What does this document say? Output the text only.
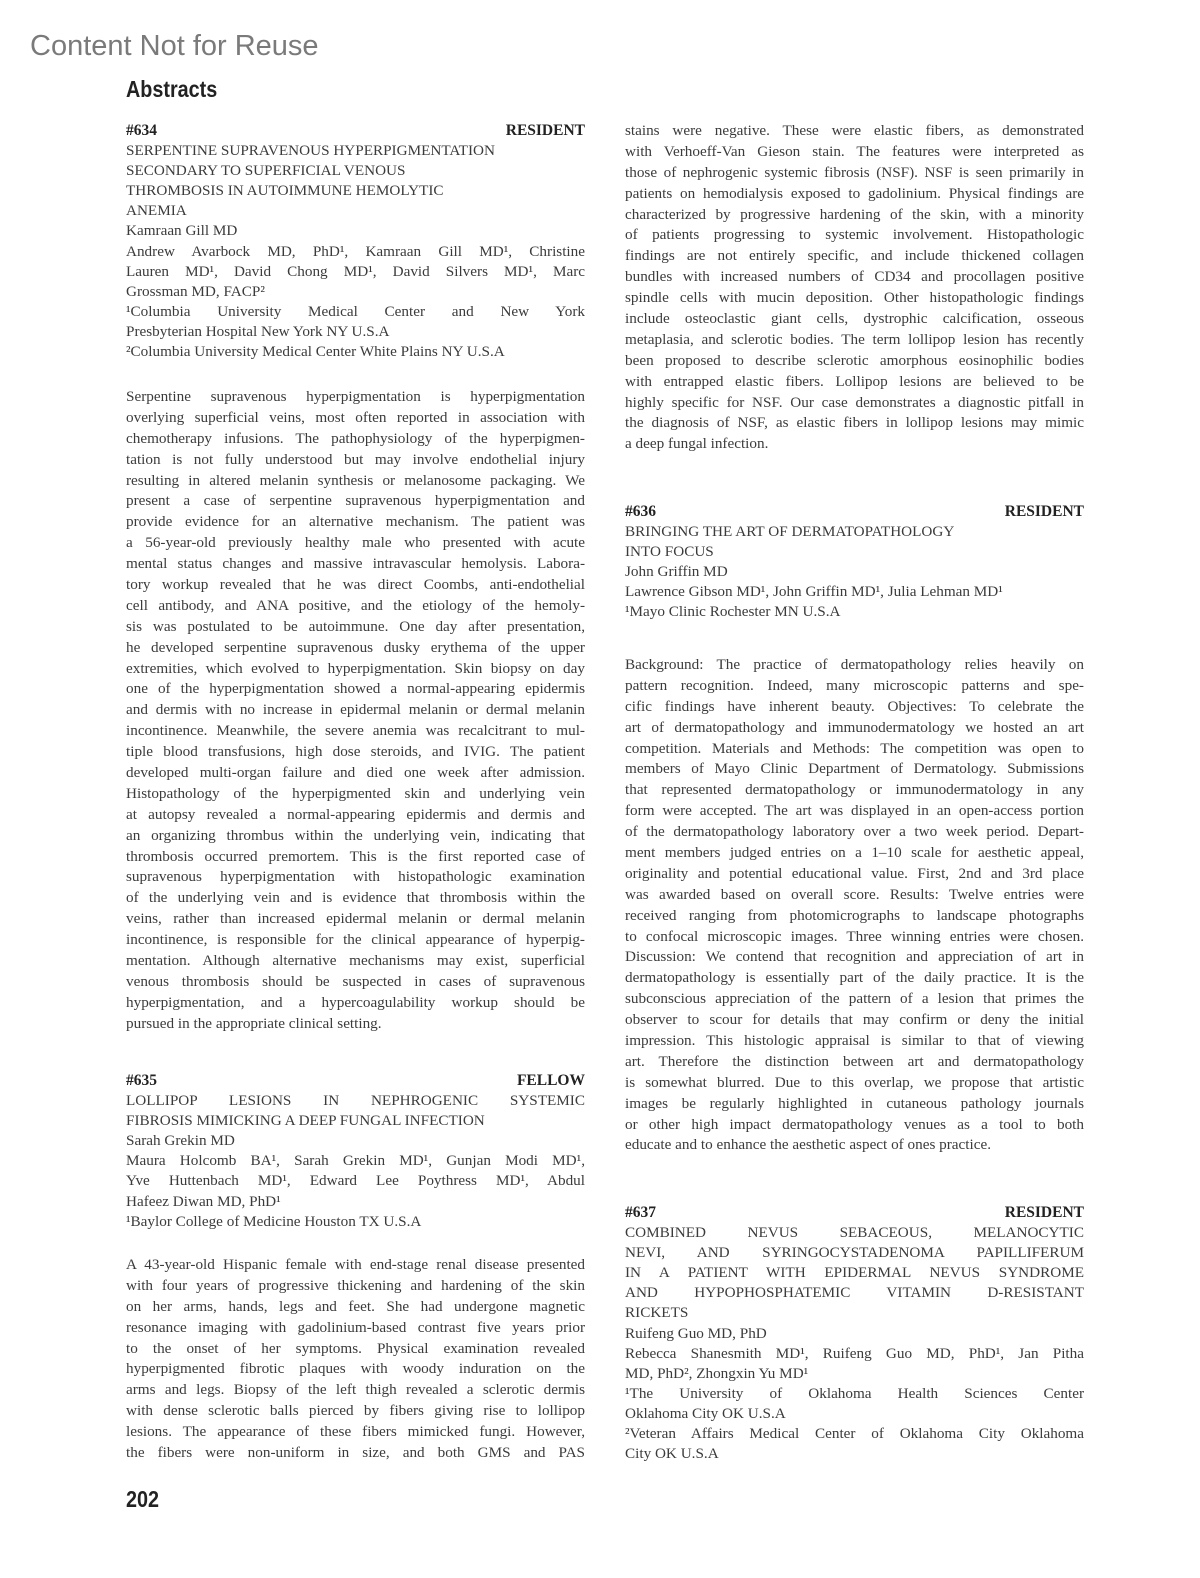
Content Not for Reuse
Abstracts
#634	RESIDENT
SERPENTINE SUPRAVENOUS HYPERPIGMENTATION
SECONDARY TO SUPERFICIAL VENOUS
THROMBOSIS IN AUTOIMMUNE HEMOLYTIC
ANEMIA
Kamraan Gill MD
Andrew Avarbock MD, PhD¹, Kamraan Gill MD¹, Christine
Lauren MD¹, David Chong MD¹, David Silvers MD¹, Marc
Grossman MD, FACP²
¹Columbia University Medical Center and New York
Presbyterian Hospital New York NY U.S.A
²Columbia University Medical Center White Plains NY U.S.A
Serpentine supravenous hyperpigmentation is hyperpigmentation
overlying superficial veins, most often reported in association with
chemotherapy infusions. The pathophysiology of the hyperpigmen-
tation is not fully understood but may involve endothelial injury
resulting in altered melanin synthesis or melanosome packaging. We
present a case of serpentine supravenous hyperpigmentation and
provide evidence for an alternative mechanism. The patient was
a 56-year-old previously healthy male who presented with acute
mental status changes and massive intravascular hemolysis. Labora-
tory workup revealed that he was direct Coombs, anti-endothelial
cell antibody, and ANA positive, and the etiology of the hemoly-
sis was postulated to be autoimmune. One day after presentation,
he developed serpentine supravenous dusky erythema of the upper
extremities, which evolved to hyperpigmentation. Skin biopsy on day
one of the hyperpigmentation showed a normal-appearing epidermis
and dermis with no increase in epidermal melanin or dermal melanin
incontinence. Meanwhile, the severe anemia was recalcitrant to mul-
tiple blood transfusions, high dose steroids, and IVIG. The patient
developed multi-organ failure and died one week after admission.
Histopathology of the hyperpigmented skin and underlying vein
at autopsy revealed a normal-appearing epidermis and dermis and
an organizing thrombus within the underlying vein, indicating that
thrombosis occurred premortem. This is the first reported case of
supravenous hyperpigmentation with histopathologic examination
of the underlying vein and is evidence that thrombosis within the
veins, rather than increased epidermal melanin or dermal melanin
incontinence, is responsible for the clinical appearance of hyperpig-
mentation. Although alternative mechanisms may exist, superficial
venous thrombosis should be suspected in cases of supravenous
hyperpigmentation, and a hypercoagulability workup should be
pursued in the appropriate clinical setting.
#635	FELLOW
LOLLIPOP LESIONS IN NEPHROGENIC SYSTEMIC
FIBROSIS MIMICKING A DEEP FUNGAL INFECTION
Sarah Grekin MD
Maura Holcomb BA¹, Sarah Grekin MD¹, Gunjan Modi MD¹,
Yve Huttenbach MD¹, Edward Lee Poythress MD¹, Abdul
Hafeez Diwan MD, PhD¹
¹Baylor College of Medicine Houston TX U.S.A
A 43-year-old Hispanic female with end-stage renal disease presented
with four years of progressive thickening and hardening of the skin
on her arms, hands, legs and feet. She had undergone magnetic
resonance imaging with gadolinium-based contrast five years prior
to the onset of her symptoms. Physical examination revealed
hyperpigmented fibrotic plaques with woody induration on the
arms and legs. Biopsy of the left thigh revealed a sclerotic dermis
with dense sclerotic balls pierced by fibers giving rise to lollipop
lesions. The appearance of these fibers mimicked fungi. However,
the fibers were non-uniform in size, and both GMS and PAS
stains were negative. These were elastic fibers, as demonstrated
with Verhoeff-Van Gieson stain. The features were interpreted as
those of nephrogenic systemic fibrosis (NSF). NSF is seen primarily in
patients on hemodialysis exposed to gadolinium. Physical findings are
characterized by progressive hardening of the skin, with a minority
of patients progressing to systemic involvement. Histopathologic
findings are not entirely specific, and include thickened collagen
bundles with increased numbers of CD34 and procollagen positive
spindle cells with mucin deposition. Other histopathologic findings
include osteoclastic giant cells, dystrophic calcification, osseous
metaplasia, and sclerotic bodies. The term lollipop lesion has recently
been proposed to describe sclerotic amorphous eosinophilic bodies
with entrapped elastic fibers. Lollipop lesions are believed to be
highly specific for NSF. Our case demonstrates a diagnostic pitfall in
the diagnosis of NSF, as elastic fibers in lollipop lesions may mimic
a deep fungal infection.
#636	RESIDENT
BRINGING THE ART OF DERMATOPATHOLOGY
INTO FOCUS
John Griffin MD
Lawrence Gibson MD¹, John Griffin MD¹, Julia Lehman MD¹
¹Mayo Clinic Rochester MN U.S.A
Background: The practice of dermatopathology relies heavily on
pattern recognition. Indeed, many microscopic patterns and spe-
cific findings have inherent beauty. Objectives: To celebrate the
art of dermatopathology and immunodermatology we hosted an art
competition. Materials and Methods: The competition was open to
members of Mayo Clinic Department of Dermatology. Submissions
that represented dermatopathology or immunodermatology in any
form were accepted. The art was displayed in an open-access portion
of the dermatopathology laboratory over a two week period. Depart-
ment members judged entries on a 1–10 scale for aesthetic appeal,
originality and potential educational value. First, 2nd and 3rd place
was awarded based on overall score. Results: Twelve entries were
received ranging from photomicrographs to landscape photographs
to confocal microscopic images. Three winning entries were chosen.
Discussion: We contend that recognition and appreciation of art in
dermatopathology is essentially part of the daily practice. It is the
subconscious appreciation of the pattern of a lesion that primes the
observer to scour for details that may confirm or deny the initial
impression. This histologic appraisal is similar to that of viewing
art. Therefore the distinction between art and dermatopathology
is somewhat blurred. Due to this overlap, we propose that artistic
images be regularly highlighted in cutaneous pathology journals
or other high impact dermatopathology venues as a tool to both
educate and to enhance the aesthetic aspect of ones practice.
#637	RESIDENT
COMBINED NEVUS SEBACEOUS, MELANOCYTIC
NEVI, AND SYRINGOCYSTADENOMA PAPILLIFERUM
IN A PATIENT WITH EPIDERMAL NEVUS SYNDROME
AND HYPOPHOSPHATEMIC VITAMIN D-RESISTANT
RICKETS
Ruifeng Guo MD, PhD
Rebecca Shanesmith MD¹, Ruifeng Guo MD, PhD¹, Jan Pitha
MD, PhD², Zhongxin Yu MD¹
¹The University of Oklahoma Health Sciences Center
Oklahoma City OK U.S.A
²Veteran Affairs Medical Center of Oklahoma City Oklahoma
City OK U.S.A
202
